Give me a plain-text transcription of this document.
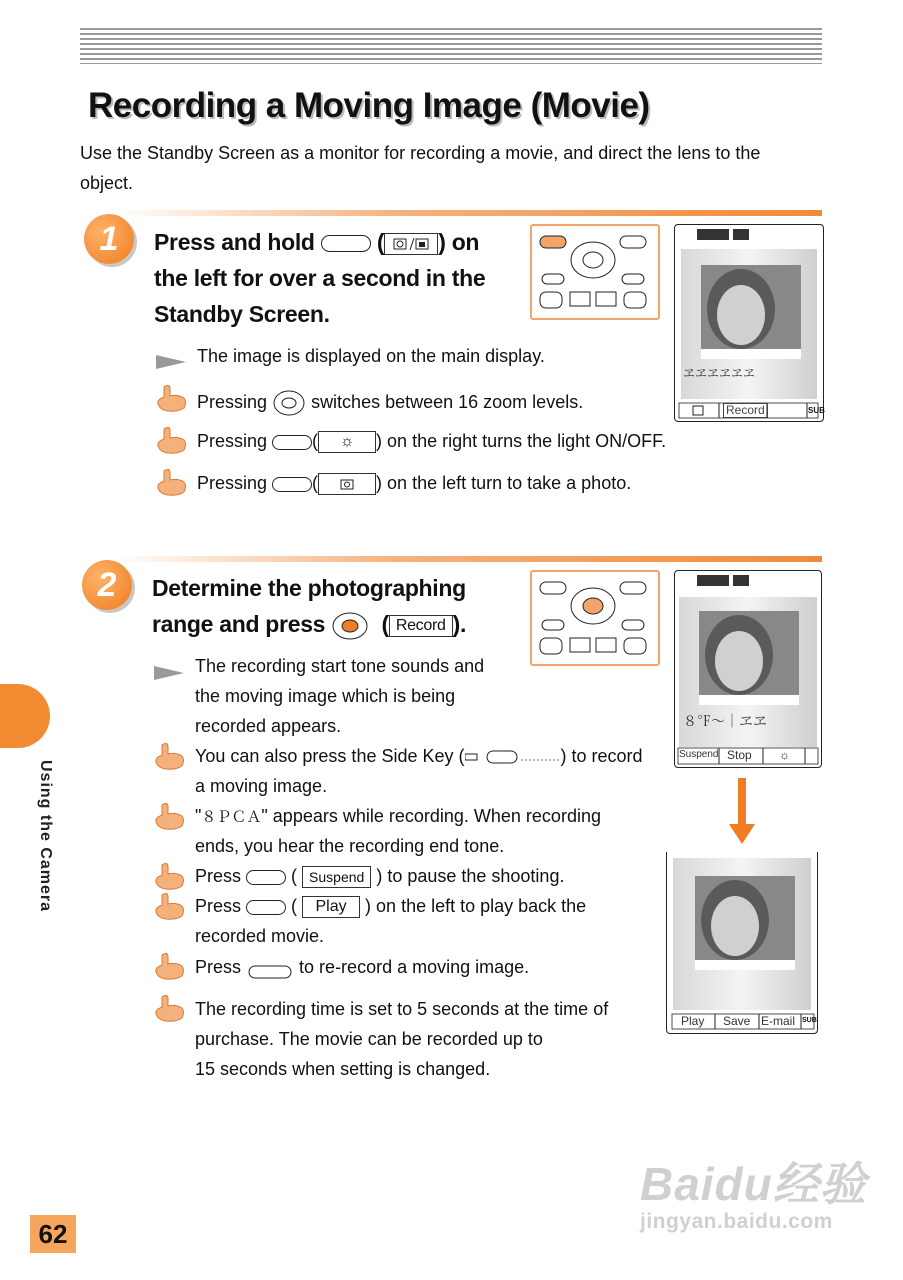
Recording a Moving Image (Movie)

Use the Standby Screen as a monitor for recording a movie, and direct the lens to the object.

1	Press and hold  ( ) on
the left for over a second in the
Standby Screen.
ヱヱヱヱヱヱ
Record	SUB
The image is displayed on the main display.
Pressing switches between 16 zoom levels.
Pressing	( ☼ ) on the right turns the light ON/OFF.
Pressing	(	) on the left turn to take a photo.
2	Determine the photographing
range and press   ( Record ).
８℉～｜ヱヱ
Suspend Stop ☼
Play Save E-mail SUB
The recording start tone sounds and
the moving image which is being
recorded appears.
You can also press the Side Key (	) to record
a moving image.
"８ＰＣＡ" appears while recording. When recording
ends, you hear the recording end tone.
Press	( Suspend ) to pause the shooting.
Press	( Play ) on the left to play back the
recorded movie.
Press	to re-record a moving image.
The recording time is set to 5 seconds at the time of
purchase. The movie can be recorded up to
15 seconds when setting is changed.
Using the Camera
62
Baidu经验
jingyan.baidu.com
